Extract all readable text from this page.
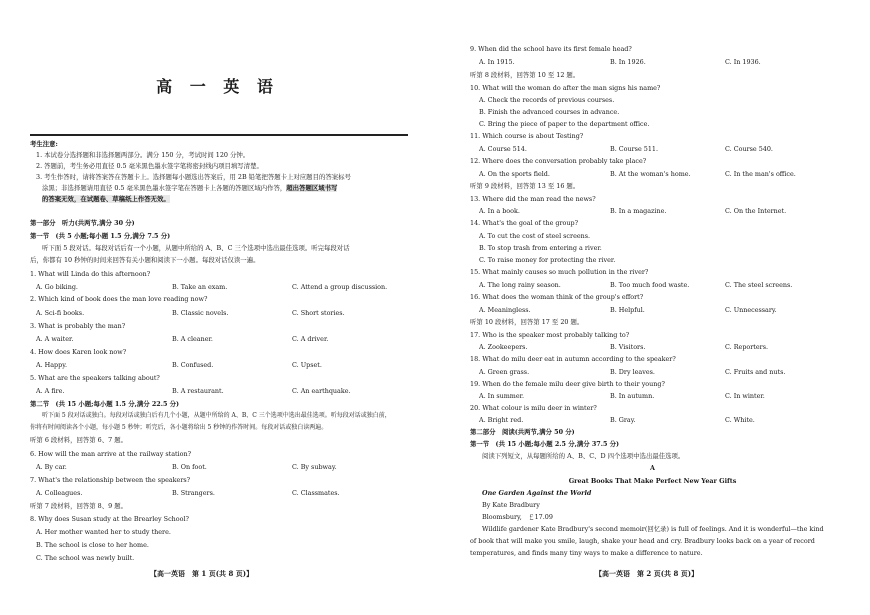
高 一 英 语
考生注意:
1. 本试卷分选择题和非选择题两部分。满分 150 分，考试时间 120 分钟。
2. 答题前，考生务必用直径 0.5 毫米黑色墨水签字笔将密封线内项目填写清楚。
3. 考生作答时，请将答案答在答题卡上。选择题每小题选出答案后，用 2B 铅笔把答题卡上对应题目的答案标号
涂黑；非选择题请用直径 0.5 毫米黑色墨水签字笔在答题卡上各题的答题区域内作答，超出答题区域书写
的答案无效，在试题卷、草稿纸上作答无效。
第一部分　听力(共两节,满分 30 分)
第一节　(共 5 小题;每小题 1.5 分,满分 7.5 分)
听下面 5 段对话。每段对话后有一个小题，从题中所给的 A、B、C 三个选项中选出最佳选项。听完每段对话
后，你都有 10 秒钟的时间来回答有关小题和阅读下一小题。每段对话仅读一遍。
1. What will Linda do this afternoon?
A. Go biking.	B. Take an exam.	C. Attend a group discussion.
2. Which kind of book does the man love reading now?
A. Sci-fi books.	B. Classic novels.	C. Short stories.
3. What is probably the man?
A. A waiter.	B. A cleaner.	C. A driver.
4. How does Karen look now?
A. Happy.	B. Confused.	C. Upset.
5. What are the speakers talking about?
A. A fire.	B. A restaurant.	C. An earthquake.
第二节　(共 15 小题;每小题 1.5 分,满分 22.5 分)
听下面 5 段对话或独白。每段对话或独白后有几个小题，从题中所给的 A、B、C 三个选项中选出最佳选项。听每段对话或独白前，
你将有时间阅读各个小题，每小题 5 秒钟；听完后，各小题将给出 5 秒钟的作答时间。每段对话或独白读两遍。
听第 6 段材料，回答第 6、7 题。
6. How will the man arrive at the railway station?
A. By car.	B. On foot.	C. By subway.
7. What's the relationship between the speakers?
A. Colleagues.	B. Strangers.	C. Classmates.
听第 7 段材料，回答第 8、9 题。
8. Why does Susan study at the Brearley School?
A. Her mother wanted her to study there.
B. The school is close to her home.
C. The school was newly built.
【高一英语　第 1 页(共 8 页)】
9. When did the school have its first female head?
A. In 1915.	B. In 1926.	C. In 1936.
听第 8 段材料，回答第 10 至 12 题。
10. What will the woman do after the man signs his name?
A. Check the records of previous courses.
B. Finish the advanced courses in advance.
C. Bring the piece of paper to the department office.
11. Which course is about Testing?
A. Course 514.	B. Course 511.	C. Course 540.
12. Where does the conversation probably take place?
A. On the sports field.	B. At the woman's home.	C. In the man's office.
听第 9 段材料，回答第 13 至 16 题。
13. Where did the man read the news?
A. In a book.	B. In a magazine.	C. On the Internet.
14. What's the goal of the group?
A. To cut the cost of steel screens.
B. To stop trash from entering a river.
C. To raise money for protecting the river.
15. What mainly causes so much pollution in the river?
A. The long rainy season.	B. Too much food waste.	C. The steel screens.
16. What does the woman think of the group's effort?
A. Meaningless.	B. Helpful.	C. Unnecessary.
听第 10 段材料，回答第 17 至 20 题。
17. Who is the speaker most probably talking to?
A. Zookeepers.	B. Visitors.	C. Reporters.
18. What do milu deer eat in autumn according to the speaker?
A. Green grass.	B. Dry leaves.	C. Fruits and nuts.
19. When do the female milu deer give birth to their young?
A. In summer.	B. In autumn.	C. In winter.
20. What colour is milu deer in winter?
A. Bright red.	B. Gray.	C. White.
第二部分　阅读(共两节,满分 50 分)
第一节　(共 15 小题;每小题 2.5 分,满分 37.5 分)
阅读下列短文，从每题所给的 A、B、C、D 四个选项中选出最佳选项。
A
Great Books That Make Perfect New Year Gifts
One Garden Against the World
By Kate Bradbury
Bloomsbury,　￡17.09
Wildlife gardener Kate Bradbury's second memoir(回忆录) is full of feelings. And it is wonderful—the kind
of book that will make you smile, laugh, shake your head and cry. Bradbury looks back on a year of record
temperatures, and finds many tiny ways to make a difference to nature.
【高一英语　第 2 页(共 8 页)】
